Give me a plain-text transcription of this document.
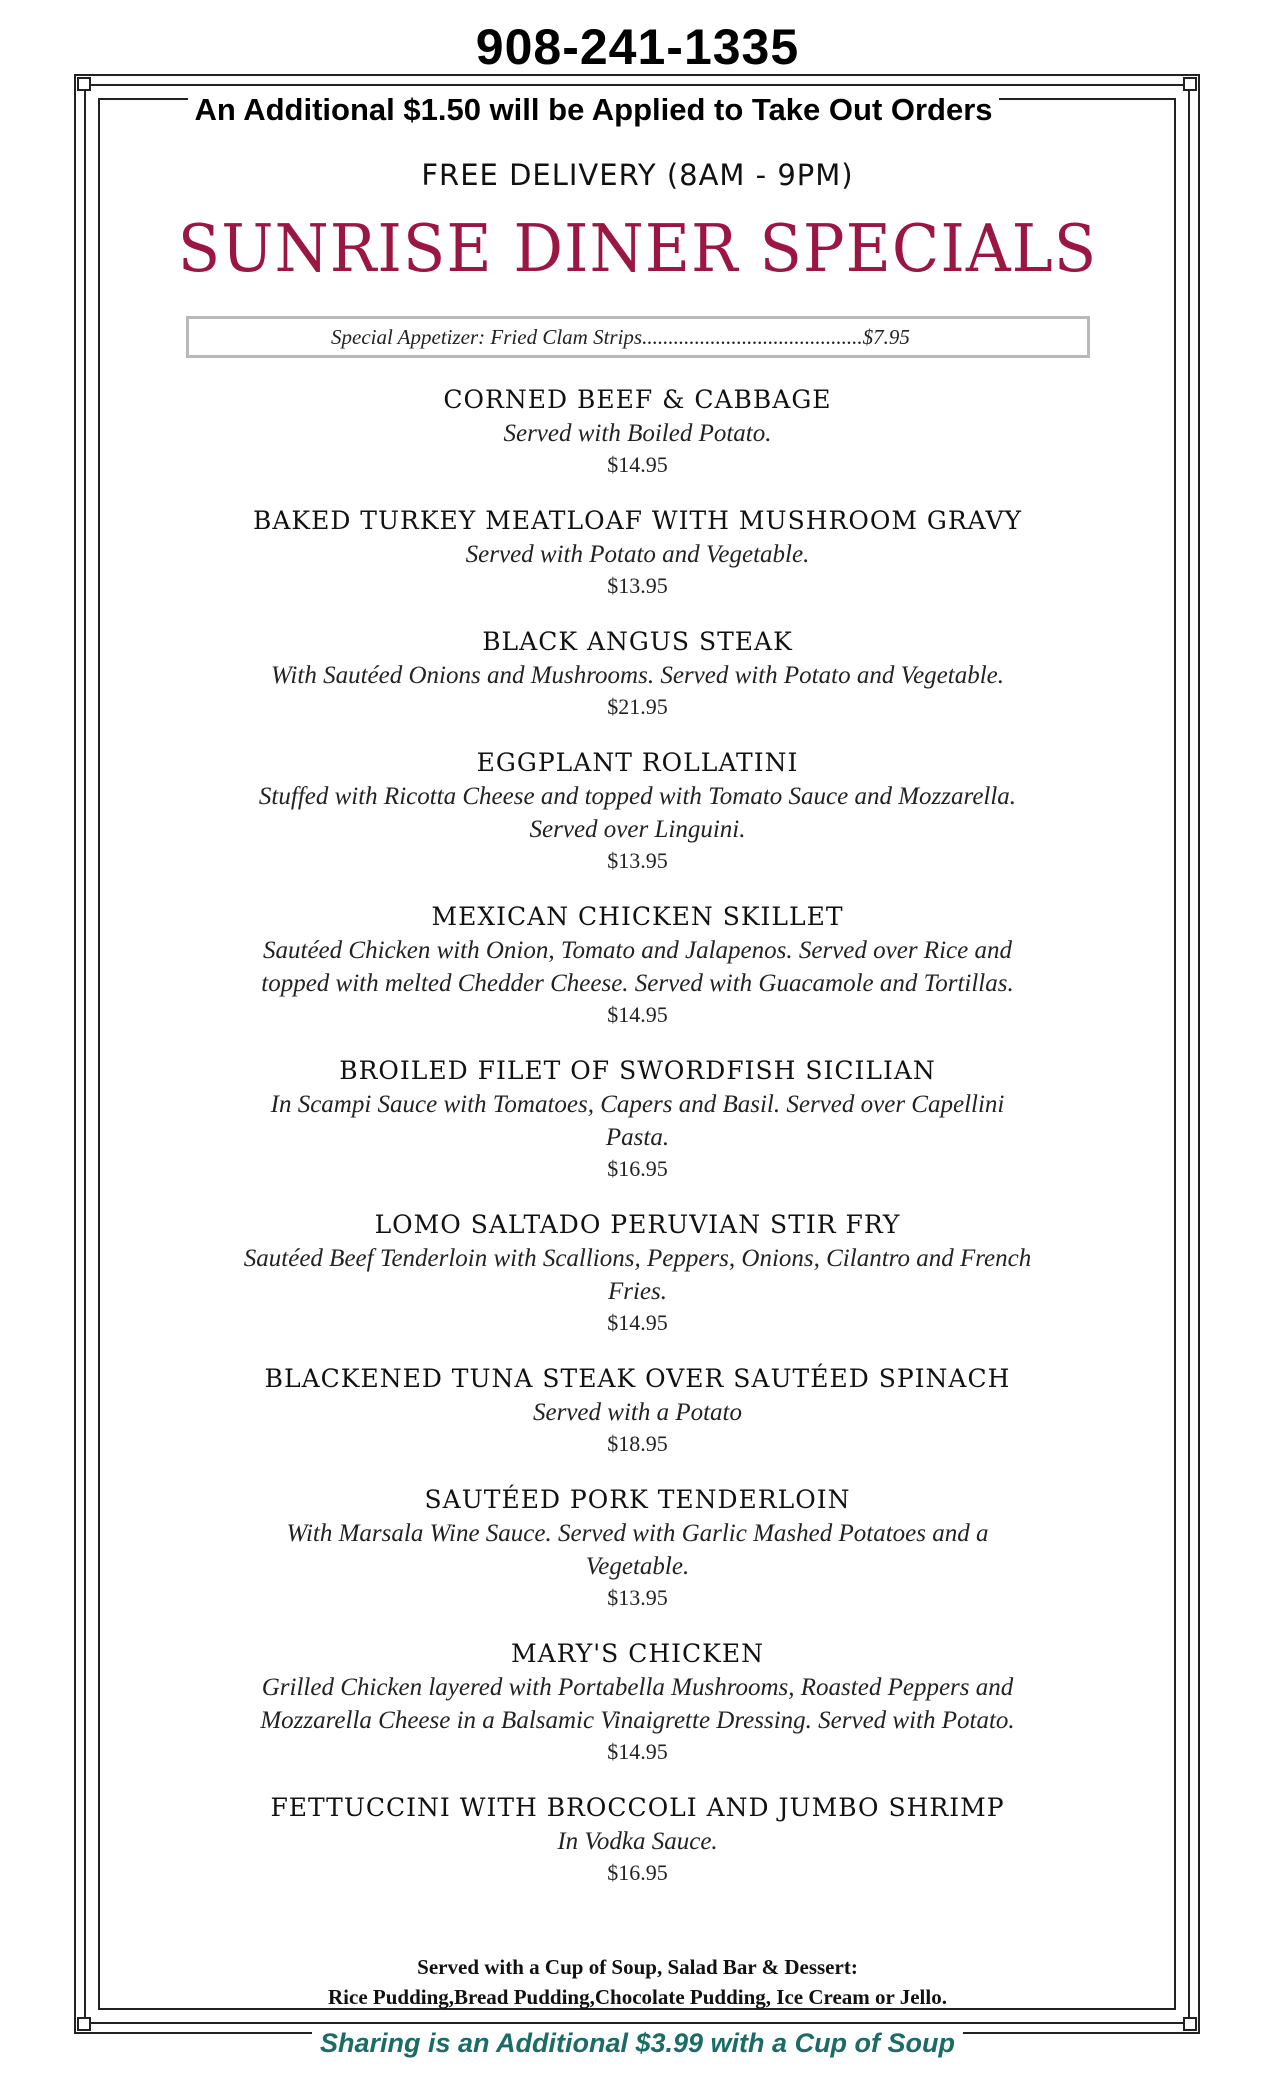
908-241-1335
An Additional $1.50 will be Applied to Take Out Orders
FREE DELIVERY (8AM - 9PM)
SUNRISE DINER SPECIALS
Special Appetizer: Fried Clam Strips..........................................$7.95
CORNED BEEF & CABBAGE
Served with Boiled Potato.
$14.95
BAKED TURKEY MEATLOAF WITH MUSHROOM GRAVY
Served with Potato and Vegetable.
$13.95
BLACK ANGUS STEAK
With Sautéed Onions and Mushrooms. Served with Potato and Vegetable.
$21.95
EGGPLANT ROLLATINI
Stuffed with Ricotta Cheese and topped with Tomato Sauce and Mozzarella.
Served over Linguini.
$13.95
MEXICAN CHICKEN SKILLET
Sautéed Chicken with Onion, Tomato and Jalapenos. Served over Rice and
topped with melted Chedder Cheese. Served with Guacamole and Tortillas.
$14.95
BROILED FILET OF SWORDFISH SICILIAN
In Scampi Sauce with Tomatoes, Capers and Basil. Served over Capellini
Pasta.
$16.95
LOMO SALTADO PERUVIAN STIR FRY
Sautéed Beef Tenderloin with Scallions, Peppers, Onions, Cilantro and French
Fries.
$14.95
BLACKENED TUNA STEAK OVER SAUTÉED SPINACH
Served with a Potato
$18.95
SAUTÉED PORK TENDERLOIN
With Marsala Wine Sauce. Served with Garlic Mashed Potatoes and a
Vegetable.
$13.95
MARY'S CHICKEN
Grilled Chicken layered with Portabella Mushrooms, Roasted Peppers and
Mozzarella Cheese in a Balsamic Vinaigrette Dressing. Served with Potato.
$14.95
FETTUCCINI WITH BROCCOLI AND JUMBO SHRIMP
In Vodka Sauce.
$16.95
Served with a Cup of Soup, Salad Bar & Dessert:
Rice Pudding,Bread Pudding,Chocolate Pudding, Ice Cream or Jello.
Sharing is an Additional $3.99 with a Cup of Soup
